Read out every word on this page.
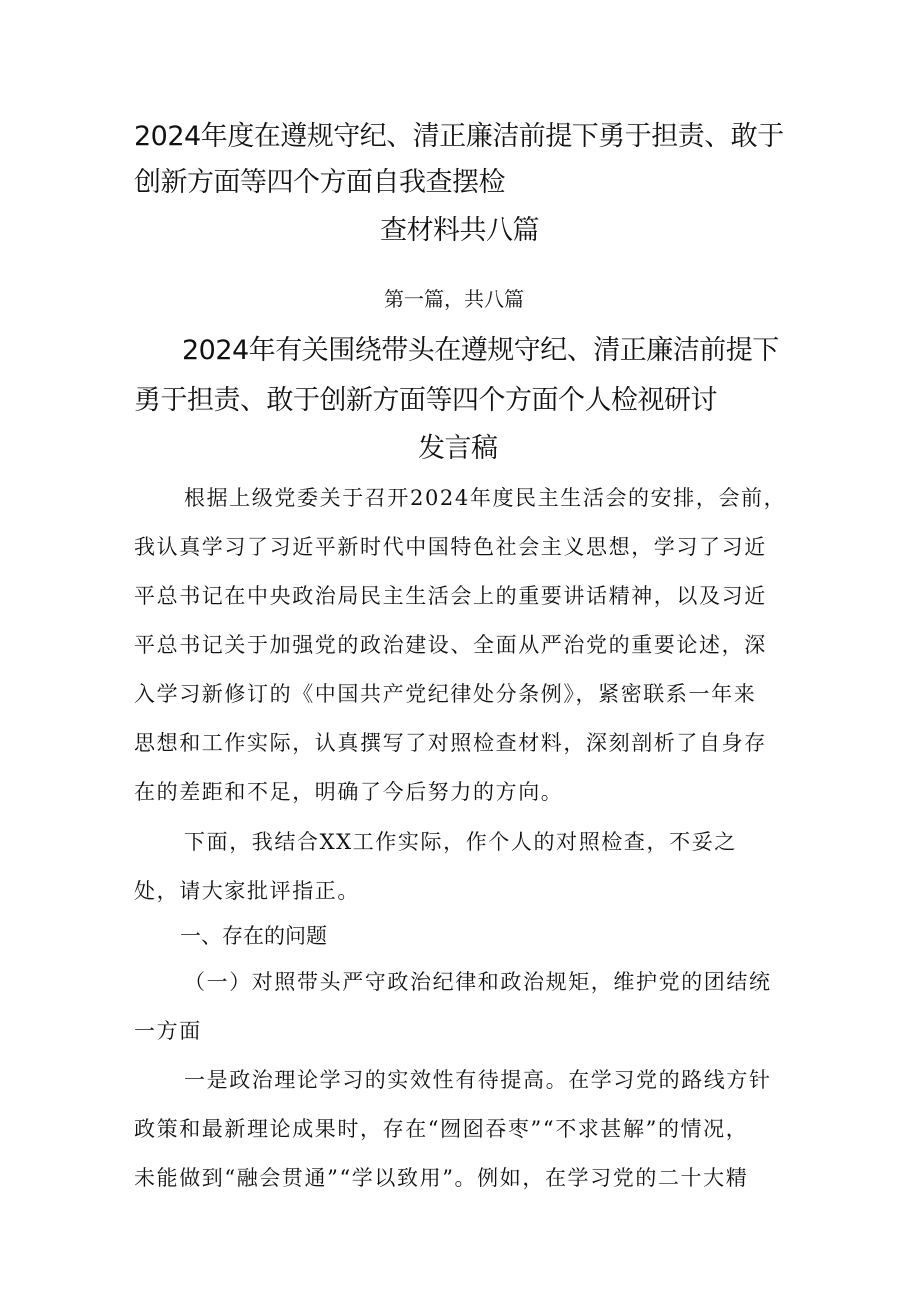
2024年度在遵规守纪、清正廉洁前提下勇于担责、敢于

创新方面等四个方面自我查摆检

查材料共八篇

第一篇，共八篇

2024年有关围绕带头在遵规守纪、清正廉洁前提下

勇于担责、敢于创新方面等四个方面个人检视研讨

发言稿

根据上级党委关于召开2024年度民主生活会的安排，会前，

我认真学习了习近平新时代中国特色社会主义思想，学习了习近

平总书记在中央政治局民主生活会上的重要讲话精神，以及习近

平总书记关于加强党的政治建设、全面从严治党的重要论述，深

入学习新修订的《中国共产党纪律处分条例》，紧密联系一年来

思想和工作实际，认真撰写了对照检查材料，深刻剖析了自身存

在的差距和不足，明确了今后努力的方向。

下面，我结合XX工作实际，作个人的对照检查，不妥之

处，请大家批评指正。

一、存在的问题

（一）对照带头严守政治纪律和政治规矩，维护党的团结统

一方面

一是政治理论学习的实效性有待提高。在学习党的路线方针

政策和最新理论成果时，存在“囫囵吞枣”“不求甚解”的情况，

未能做到“融会贯通”“学以致用”。例如，在学习党的二十大精
